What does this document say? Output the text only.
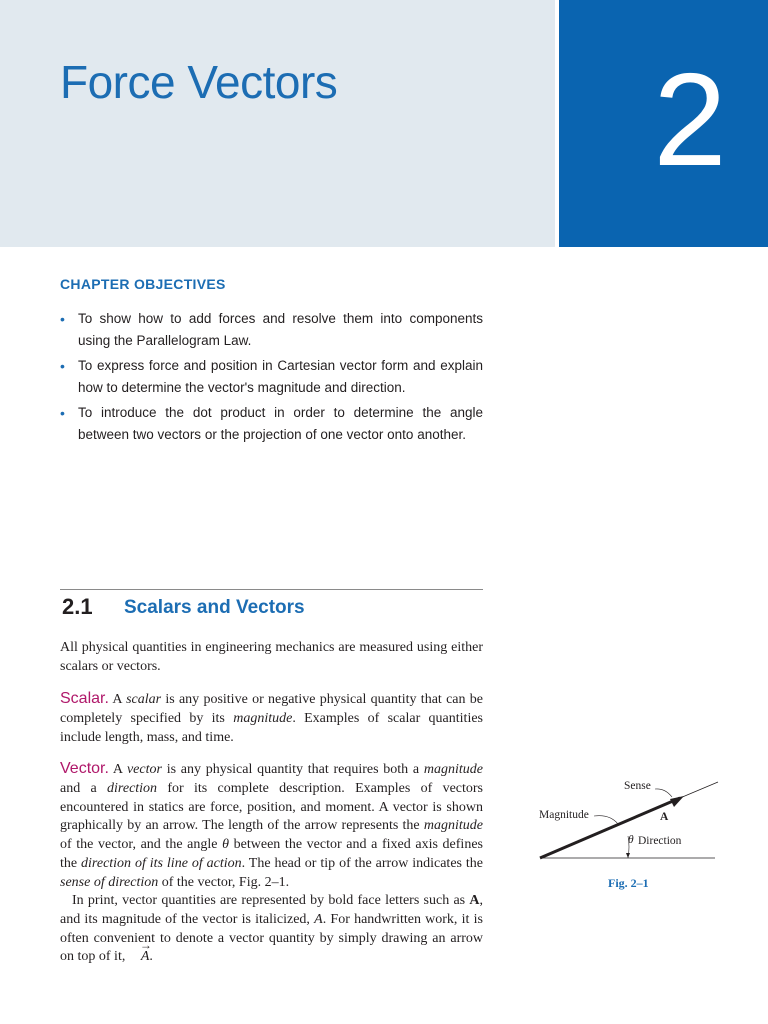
Force Vectors 2
CHAPTER OBJECTIVES
• To show how to add forces and resolve them into components using the Parallelogram Law.
• To express force and position in Cartesian vector form and explain how to determine the vector's magnitude and direction.
• To introduce the dot product in order to determine the angle between two vectors or the projection of one vector onto another.
2.1 Scalars and Vectors

All physical quantities in engineering mechanics are measured using either scalars or vectors.

Scalar. A scalar is any positive or negative physical quantity that can be completely specified by its magnitude. Examples of scalar quantities include length, mass, and time.

Vector. A vector is any physical quantity that requires both a magnitude and a direction for its complete description. Examples of vectors encountered in statics are force, position, and moment. A vector is shown graphically by an arrow. The length of the arrow represents the magnitude of the vector, and the angle θ between the vector and a fixed axis defines the direction of its line of action. The head or tip of the arrow indicates the sense of direction of the vector, Fig. 2–1.

In print, vector quantities are represented by bold face letters such as A, and its magnitude of the vector is italicized, A. For handwritten work, it is often convenient to denote a vector quantity by simply drawing an arrow on top of it, → A.

Sense
Magnitude	A
θ Direction
Fig. 2–1
